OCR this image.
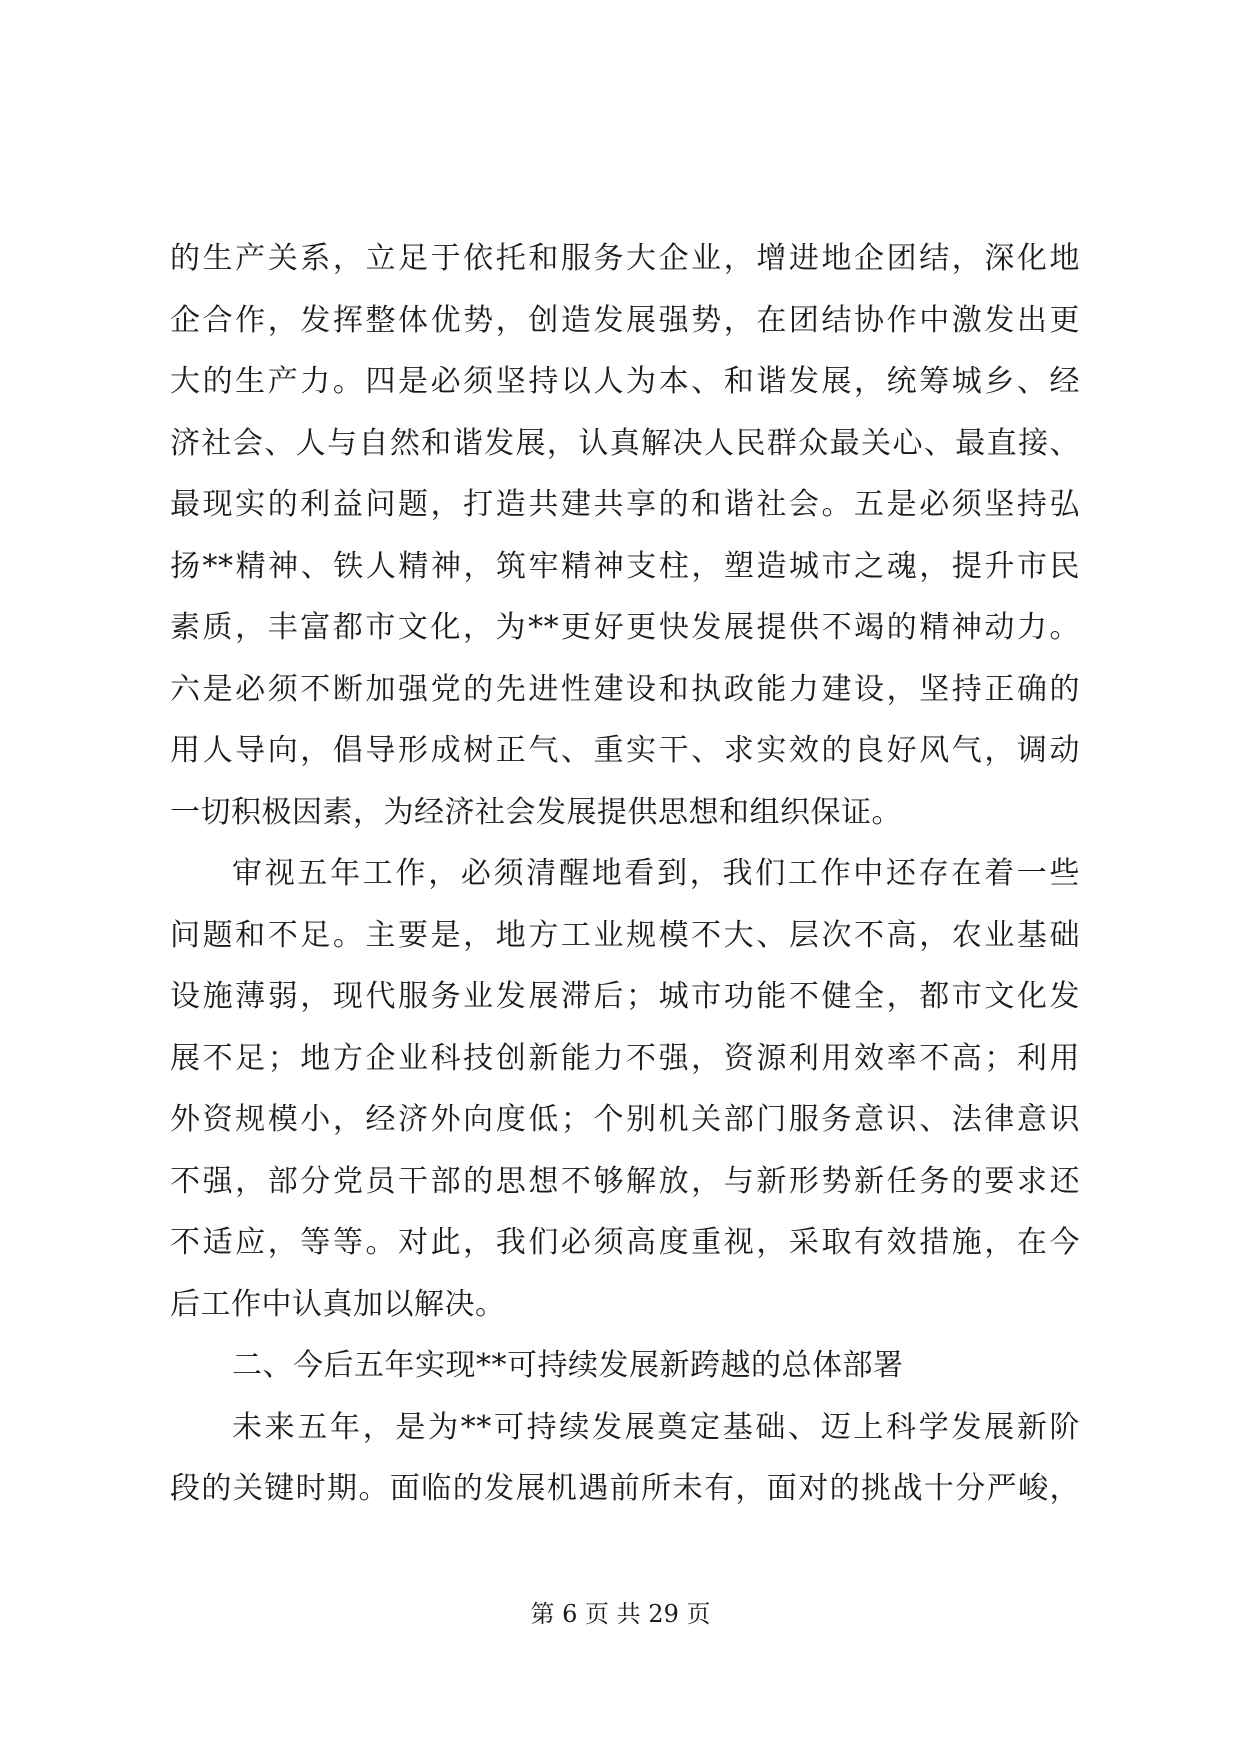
的生产关系，立足于依托和服务大企业，增进地企团结，深化地
企合作，发挥整体优势，创造发展强势，在团结协作中激发出更
大的生产力。四是必须坚持以人为本、和谐发展，统筹城乡、经
济社会、人与自然和谐发展，认真解决人民群众最关心、最直接、
最现实的利益问题，打造共建共享的和谐社会。五是必须坚持弘
扬**精神、铁人精神，筑牢精神支柱，塑造城市之魂，提升市民
素质，丰富都市文化，为**更好更快发展提供不竭的精神动力。
六是必须不断加强党的先进性建设和执政能力建设，坚持正确的
用人导向，倡导形成树正气、重实干、求实效的良好风气，调动
一切积极因素，为经济社会发展提供思想和组织保证。
审视五年工作，必须清醒地看到，我们工作中还存在着一些
问题和不足。主要是，地方工业规模不大、层次不高，农业基础
设施薄弱，现代服务业发展滞后；城市功能不健全，都市文化发
展不足；地方企业科技创新能力不强，资源利用效率不高；利用
外资规模小，经济外向度低；个别机关部门服务意识、法律意识
不强，部分党员干部的思想不够解放，与新形势新任务的要求还
不适应，等等。对此，我们必须高度重视，采取有效措施，在今
后工作中认真加以解决。
二、今后五年实现**可持续发展新跨越的总体部署
未来五年，是为**可持续发展奠定基础、迈上科学发展新阶
段的关键时期。面临的发展机遇前所未有，面对的挑战十分严峻，
第 6 页 共 29 页
